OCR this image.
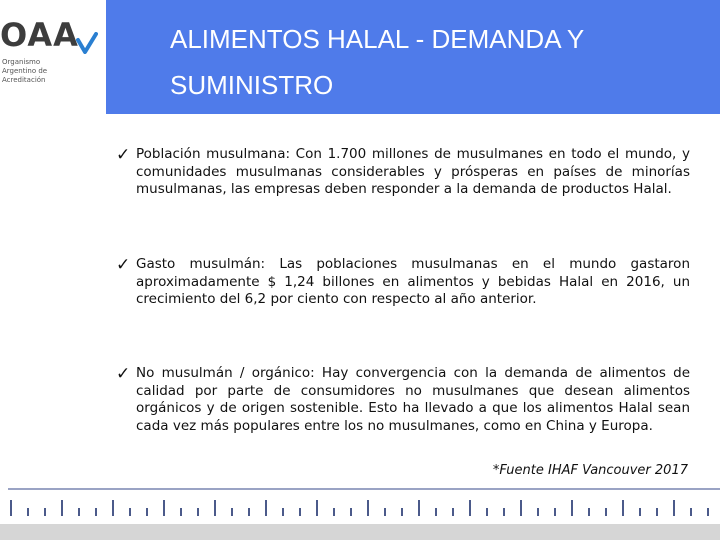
OAA
Organismo
Argentino de
Acreditación
ALIMENTOS HALAL - DEMANDA Y
SUMINISTRO
✓ Población musulmana: Con 1.700 millones de musulmanes en todo el mundo, y comunidades musulmanas considerables y prósperas en países de minorías musulmanas, las empresas deben responder a la demanda de productos Halal.
✓ Gasto musulmán: Las poblaciones musulmanas en el mundo gastaron aproximadamente $ 1,24 billones en alimentos y bebidas Halal en 2016, un crecimiento del 6,2 por ciento con respecto al año anterior.
✓ No musulmán / orgánico: Hay convergencia con la demanda de alimentos de calidad por parte de consumidores no musulmanes que desean alimentos orgánicos y de origen sostenible. Esto ha llevado a que los alimentos Halal sean cada vez más populares entre los no musulmanes, como en China y Europa.
*Fuente IHAF Vancouver 2017
